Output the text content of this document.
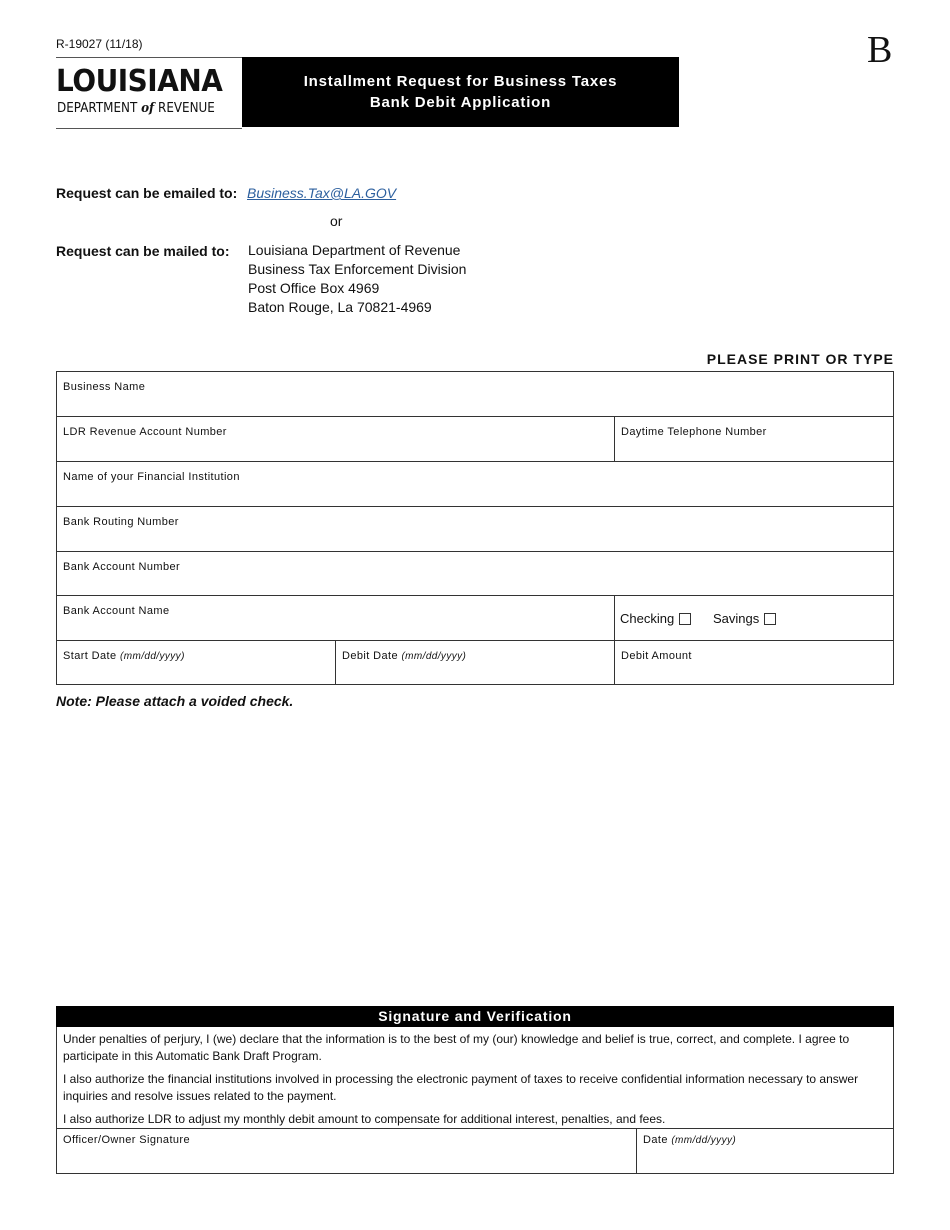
R-19027 (11/18)	B
LOUISIANA
DEPARTMENT of REVENUE
Installment Request for Business Taxes
Bank Debit Application
Request can be emailed to: Business.Tax@LA.GOV
or
Request can be mailed to: Louisiana Department of Revenue
Business Tax Enforcement Division
Post Office Box 4969
Baton Rouge, La 70821-4969
PLEASE PRINT OR TYPE
Business Name
LDR Revenue Account Number	Daytime Telephone Number
Name of your Financial Institution
Bank Routing Number
Bank Account Number
Bank Account Name	Checking	Savings
Start Date (mm/dd/yyyy)	Debit Date (mm/dd/yyyy)	Debit Amount
Note: Please attach a voided check.
Signature and Verification

Under penalties of perjury, I (we) declare that the information is to the best of my (our) knowledge and belief is true, correct, and complete. I agree to participate in this Automatic Bank Draft Program.

I also authorize the financial institutions involved in processing the electronic payment of taxes to receive confidential information necessary to answer inquiries and resolve issues related to the payment.

I also authorize LDR to adjust my monthly debit amount to compensate for additional interest, penalties, and fees.

Officer/Owner Signature	Date (mm/dd/yyyy)
